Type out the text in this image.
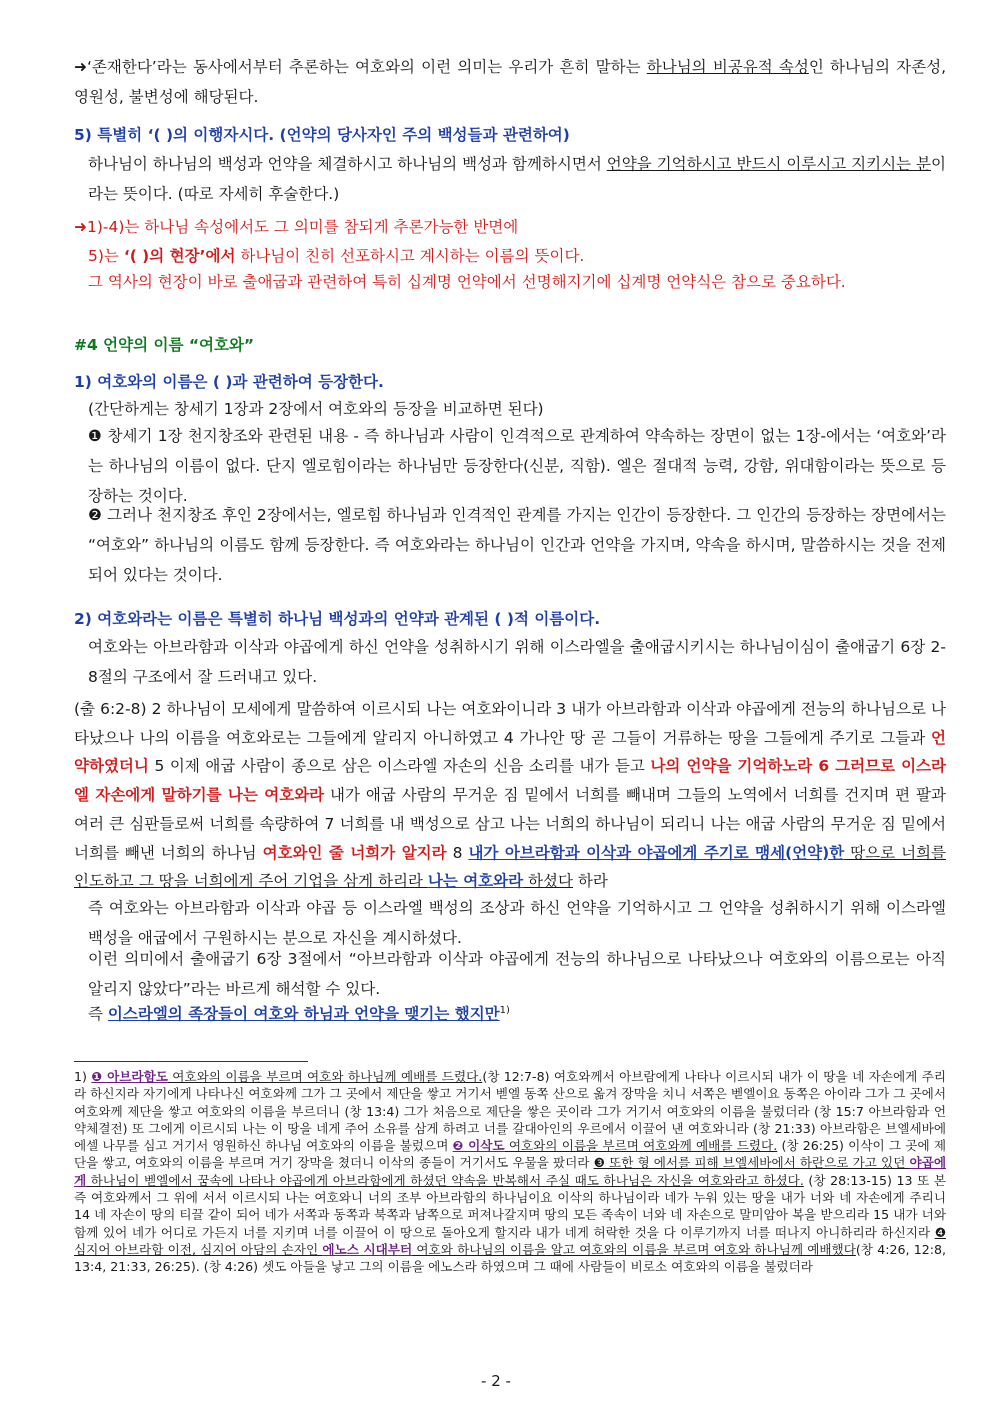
➜‘존재한다’라는 동사에서부터 추론하는 여호와의 이런 의미는 우리가 흔히 말하는 하나님의 비공유적 속성인 하나님의 자존성, 영원성, 불변성에 해당된다.

5) 특별히 ‘( )의 이행자시다. (언약의 당사자인 주의 백성들과 관련하여)

하나님이 하나님의 백성과 언약을 체결하시고 하나님의 백성과 함께하시면서 언약을 기억하시고 반드시 이루시고 지키시는 분이라는 뜻이다. (따로 자세히 후술한다.)

➜1)-4)는 하나님 속성에서도 그 의미를 참되게 추론가능한 반면에

5)는 ‘( )의 현장’에서 하나님이 친히 선포하시고 계시하는 이름의 뜻이다.

그 역사의 현장이 바로 출애굽과 관련하여 특히 십계명 언약에서 선명해지기에 십계명 언약식은 참으로 중요하다.

#4 언약의 이름 “여호와”

1) 여호와의 이름은 ( )과 관련하여 등장한다.

(간단하게는 창세기 1장과 2장에서 여호와의 등장을 비교하면 된다)

❶ 창세기 1장 천지창조와 관련된 내용 - 즉 하나님과 사람이 인격적으로 관계하여 약속하는 장면이 없는 1장-에서는 ‘여호와’라는 하나님의 이름이 없다. 단지 엘로힘이라는 하나님만 등장한다(신분, 직함). 엘은 절대적 능력, 강함, 위대함이라는 뜻으로 등장하는 것이다.

❷ 그러나 천지창조 후인 2장에서는, 엘로힘 하나님과 인격적인 관계를 가지는 인간이 등장한다. 그 인간의 등장하는 장면에서는 “여호와” 하나님의 이름도 함께 등장한다. 즉 여호와라는 하나님이 인간과 언약을 가지며, 약속을 하시며, 말씀하시는 것을 전제되어 있다는 것이다.

2) 여호와라는 이름은 특별히 하나님 백성과의 언약과 관계된 ( )적 이름이다.

여호와는 아브라함과 이삭과 야곱에게 하신 언약을 성취하시기 위해 이스라엘을 출애굽시키시는 하나님이심이 출애굽기 6장 2-8절의 구조에서 잘 드러내고 있다.

(출 6:2-8) 2 하나님이 모세에게 말씀하여 이르시되 나는 여호와이니라 3 내가 아브라함과 이삭과 야곱에게 전능의 하나님으로 나타났으나 나의 이름을 여호와로는 그들에게 알리지 아니하였고 4 가나안 땅 곧 그들이 거류하는 땅을 그들에게 주기로 그들과 언약하였더니 5 이제 애굽 사람이 종으로 삼은 이스라엘 자손의 신음 소리를 내가 듣고 나의 언약을 기억하노라 6 그러므로 이스라엘 자손에게 말하기를 나는 여호와라 내가 애굽 사람의 무거운 짐 밑에서 너희를 빼내며 그들의 노역에서 너희를 건지며 편 팔과 여러 큰 심판들로써 너희를 속량하여 7 너희를 내 백성으로 삼고 나는 너희의 하나님이 되리니 나는 애굽 사람의 무거운 짐 밑에서 너희를 빼낸 너희의 하나님 여호와인 줄 너희가 알지라 8 내가 아브라함과 이삭과 야곱에게 주기로 맹세(언약)한 땅으로 너희를 인도하고 그 땅을 너희에게 주어 기업을 삼게 하리라 나는 여호와라 하셨다 하라

즉 여호와는 아브라함과 이삭과 야곱 등 이스라엘 백성의 조상과 하신 언약을 기억하시고 그 언약을 성취하시기 위해 이스라엘 백성을 애굽에서 구원하시는 분으로 자신을 계시하셨다.

이런 의미에서 출애굽기 6장 3절에서 “아브라함과 이삭과 야곱에게 전능의 하나님으로 나타났으나 여호와의 이름으로는 아직 알리지 않았다”라는 바르게 해석할 수 있다.

즉 이스라엘의 족장들이 여호와 하님과 언약을 맺기는 했지만$^{1)}$

1) ❶ 아브라함도 여호와의 이름을 부르며 여호와 하나님께 예배를 드렸다.(창 12:7-8) 여호와께서 아브람에게 나타나 이르시되 내가 이 땅을 네 자손에게 주리라 하신지라 자기에게 나타나신 여호와께 그가 그 곳에서 제단을 쌓고 거기서 벧엘 동쪽 산으로 옮겨 장막을 치니 서쪽은 벧엘이요 동쪽은 아이라 그가 그 곳에서 여호와께 제단을 쌓고 여호와의 이름을 부르더니 (창 13:4) 그가 처음으로 제단을 쌓은 곳이라 그가 거기서 여호와의 이름을 불렀더라 (창 15:7 아브라함과 언약체결전) 또 그에게 이르시되 나는 이 땅을 네게 주어 소유를 삼게 하려고 너를 갈대아인의 우르에서 이끌어 낸 여호와니라 (창 21:33) 아브라함은 브엘세바에 에셀 나무를 심고 거기서 영원하신 하나님 여호와의 이름을 불렀으며 ❷ 이삭도 여호와의 이름을 부르며 여호와께 예배를 드렸다. (창 26:25) 이삭이 그 곳에 제단을 쌓고, 여호와의 이름을 부르며 거기 장막을 쳤더니 이삭의 종들이 거기서도 우물을 팠더라 ❸ 또한 형 에서를 피해 브엘세바에서 하란으로 가고 있던 야곱에게 하나님이 벧엘에서 꿈속에 나타나 야곱에게 아브라함에게 하셨던 약속을 반복해서 주실 때도 하나님은 자신을 여호와라고 하셨다. (창 28:13-15) 13 또 본즉 여호와께서 그 위에 서서 이르시되 나는 여호와니 너의 조부 아브라함의 하나님이요 이삭의 하나님이라 네가 누워 있는 땅을 내가 너와 네 자손에게 주리니 14 네 자손이 땅의 티끌 같이 되어 네가 서쪽과 동쪽과 북쪽과 남쪽으로 퍼져나갈지며 땅의 모든 족속이 너와 네 자손으로 말미암아 복을 받으리라 15 내가 너와 함께 있어 네가 어디로 가든지 너를 지키며 너를 이끌어 이 땅으로 돌아오게 할지라 내가 네게 허락한 것을 다 이루기까지 너를 떠나지 아니하리라 하신지라 ❹ 심지어 아브라함 이전, 심지어 아담의 손자인 에노스 시대부터 여호와 하나님의 이름을 알고 여호와의 이름을 부르며 여호와 하나님께 예배했다(창 4:26, 12:8, 13:4, 21:33, 26:25). (창 4:26) 셋도 아들을 낳고 그의 이름을 에노스라 하였으며 그 때에 사람들이 비로소 여호와의 이름을 불렀더라
- 2 -
